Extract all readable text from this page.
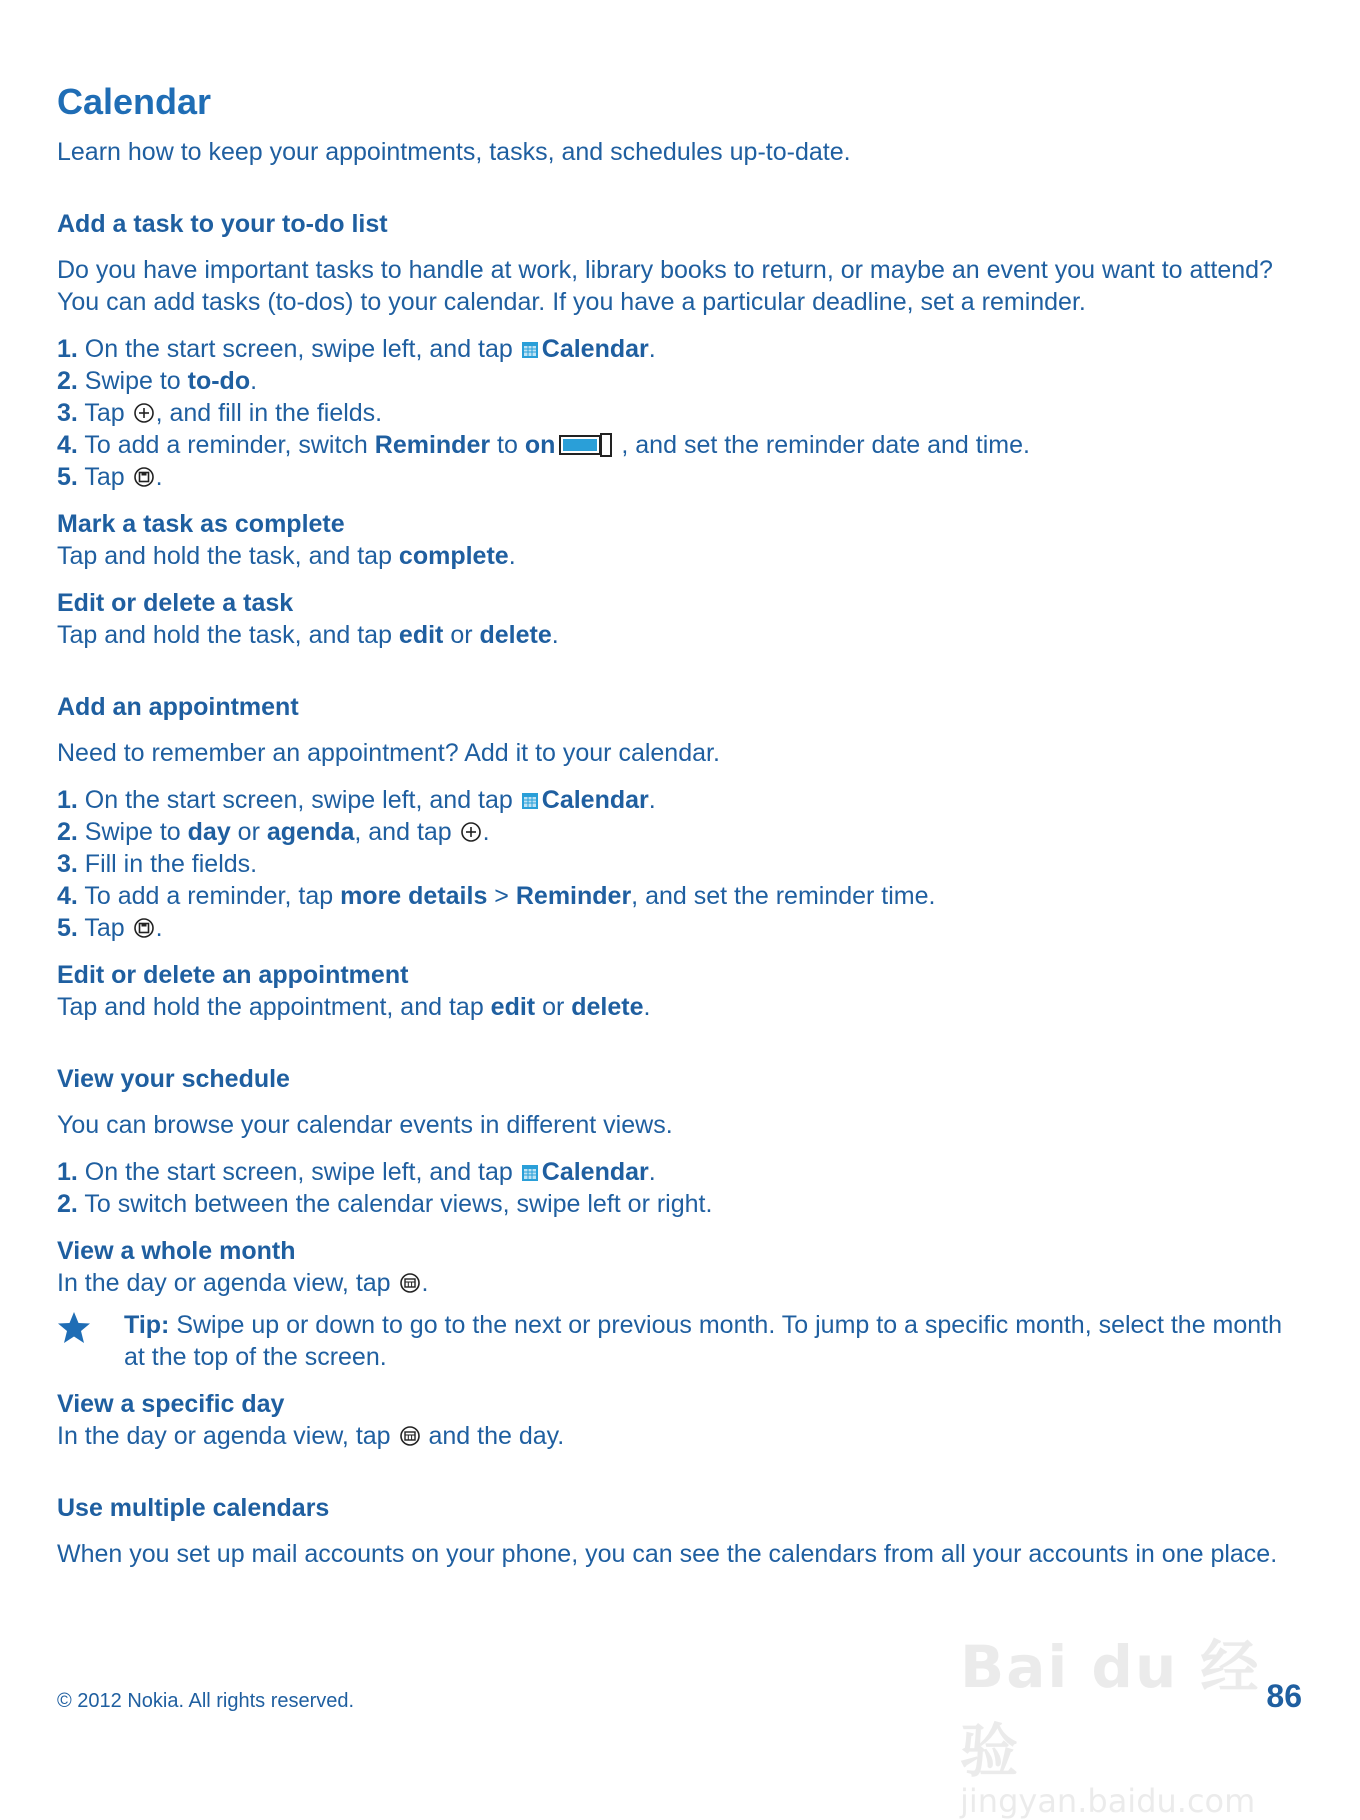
Calendar
Learn how to keep your appointments, tasks, and schedules up-to-date.
Add a task to your to-do list
Do you have important tasks to handle at work, library books to return, or maybe an event you want to attend? You can add tasks (to-dos) to your calendar. If you have a particular deadline, set a reminder.
1. On the start screen, swipe left, and tap Calendar.
2. Swipe to to-do.
3. Tap , and fill in the fields.
4. To add a reminder, switch Reminder to on	, and set the reminder date and time.
5. Tap .
Mark a task as complete
Tap and hold the task, and tap complete.
Edit or delete a task
Tap and hold the task, and tap edit or delete.
Add an appointment
Need to remember an appointment? Add it to your calendar.
1. On the start screen, swipe left, and tap Calendar.
2. Swipe to day or agenda, and tap .
3. Fill in the fields.
4. To add a reminder, tap more details > Reminder, and set the reminder time.
5. Tap .
Edit or delete an appointment
Tap and hold the appointment, and tap edit or delete.
View your schedule
You can browse your calendar events in different views.
1. On the start screen, swipe left, and tap Calendar.
2. To switch between the calendar views, swipe left or right.
View a whole month
In the day or agenda view, tap .
Tip: Swipe up or down to go to the next or previous month. To jump to a specific month, select the month at the top of the screen.
View a specific day
In the day or agenda view, tap  and the day.
Use multiple calendars
When you set up mail accounts on your phone, you can see the calendars from all your accounts in one place.
© 2012 Nokia. All rights reserved.	Bai du 经验
jingyan.baidu.com
86
